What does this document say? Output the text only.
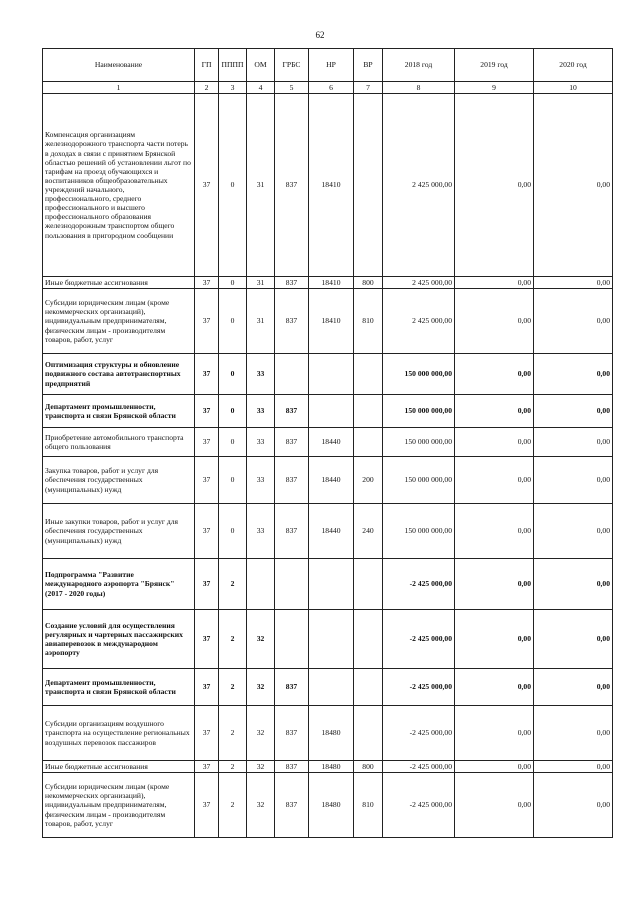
62
Наименование	ГП	ПППП	ОМ	ГРБС	НР	ВР	2018 год	2019 год	2020 год
1	2	3	4	5	6	7	8	9	10
Компенсация организациям железнодорожного транспорта части потерь в доходах в связи с принятием Брянской областью решений об установлении льгот по тарифам на проезд обучающихся и воспитанников общеобразовательных учреждений начального, профессионального, среднего профессионального и высшего профессионального образования железнодорожным транспортом общего пользования в пригородном сообщении	37	0	31	837	18410		2 425 000,00	0,00	0,00
Иные бюджетные ассигнования	37	0	31	837	18410	800	2 425 000,00	0,00	0,00
Субсидии юридическим лицам (кроме некоммерческих организаций), индивидуальным предпринимателям, физическим лицам - производителям товаров, работ, услуг	37	0	31	837	18410	810	2 425 000,00	0,00	0,00
Оптимизация структуры и обновление подвижного состава автотранспортных предприятий	37	0	33				150 000 000,00	0,00	0,00
Департамент промышленности, транспорта и связи Брянской области	37	0	33	837			150 000 000,00	0,00	0,00
Приобретение автомобильного транспорта общего пользования	37	0	33	837	18440		150 000 000,00	0,00	0,00
Закупка товаров, работ и услуг для обеспечения государственных (муниципальных) нужд	37	0	33	837	18440	200	150 000 000,00	0,00	0,00
Иные закупки товаров, работ и услуг для обеспечения государственных (муниципальных) нужд	37	0	33	837	18440	240	150 000 000,00	0,00	0,00
Подпрограмма "Развитие международного аэропорта "Брянск" (2017 - 2020 годы)	37	2					-2 425 000,00	0,00	0,00
Создание условий для осуществления регулярных и чартерных пассажирских авиаперевозок в международном аэропорту	37	2	32				-2 425 000,00	0,00	0,00
Департамент промышленности, транспорта и связи Брянской области	37	2	32	837			-2 425 000,00	0,00	0,00
Субсидии организациям воздушного транспорта на осуществление региональных воздушных перевозок пассажиров	37	2	32	837	18480		-2 425 000,00	0,00	0,00
Иные бюджетные ассигнования	37	2	32	837	18480	800	-2 425 000,00	0,00	0,00
Субсидии юридическим лицам (кроме некоммерческих организаций), индивидуальным предпринимателям, физическим лицам - производителям товаров, работ, услуг	37	2	32	837	18480	810	-2 425 000,00	0,00	0,00
